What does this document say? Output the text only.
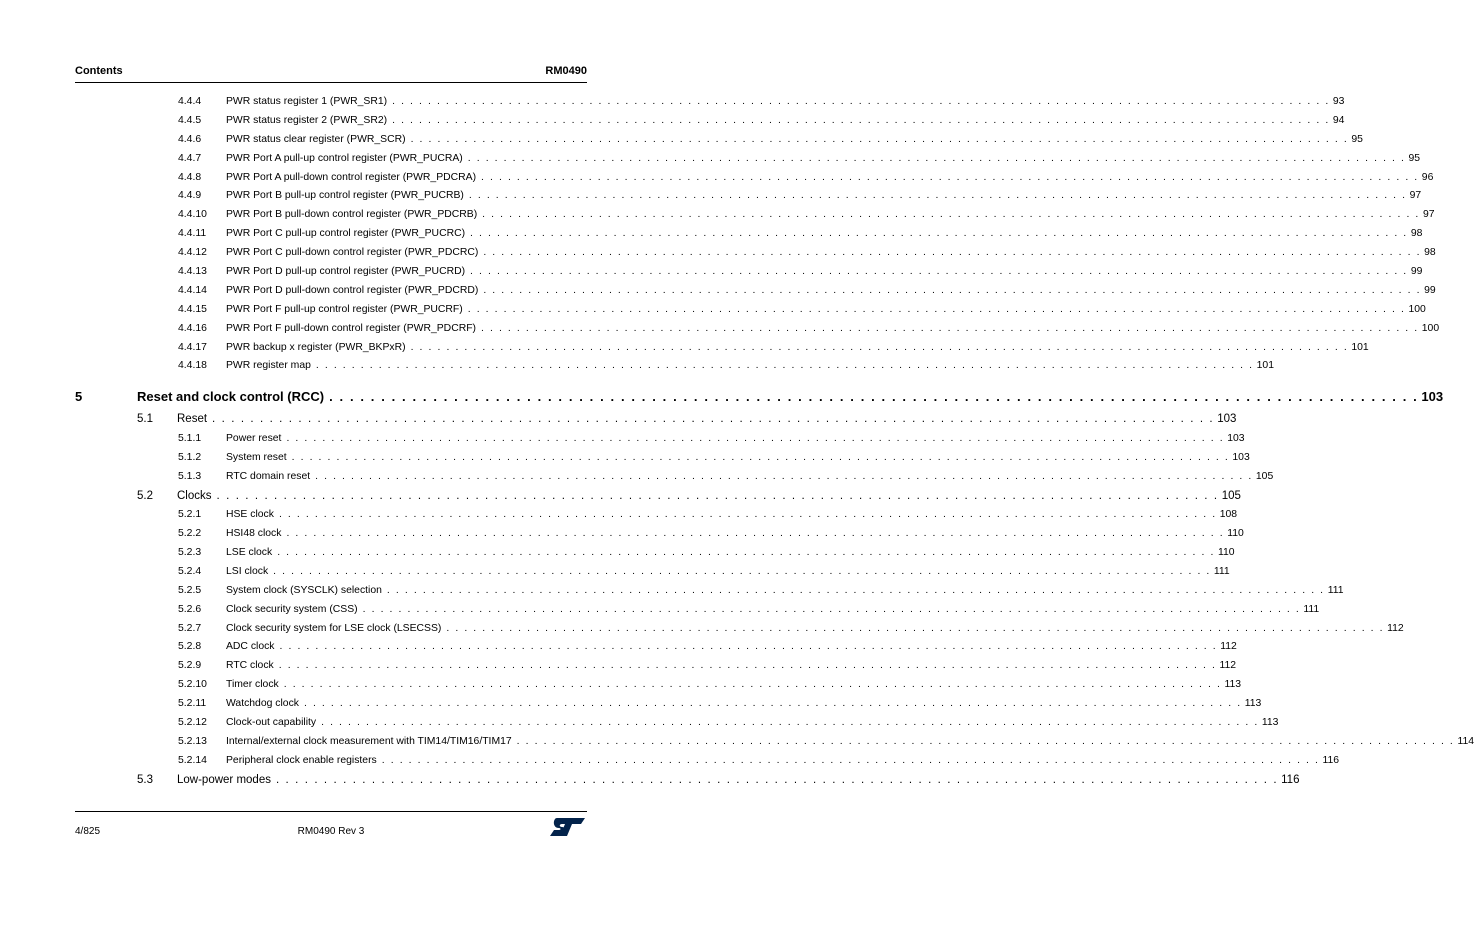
Contents	RM0490
4.4.4	PWR status register 1 (PWR_SR1) . . .	93
4.4.5	PWR status register 2 (PWR_SR2) . . .	94
4.4.6	PWR status clear register (PWR_SCR) . . .	95
4.4.7	PWR Port A pull-up control register (PWR_PUCRA) . . .	95
4.4.8	PWR Port A pull-down control register (PWR_PDCRA) . . .	96
4.4.9	PWR Port B pull-up control register (PWR_PUCRB) . . .	97
4.4.10	PWR Port B pull-down control register (PWR_PDCRB) . . .	97
4.4.11	PWR Port C pull-up control register (PWR_PUCRC) . . .	98
4.4.12	PWR Port C pull-down control register (PWR_PDCRC) . . .	98
4.4.13	PWR Port D pull-up control register (PWR_PUCRD) . . .	99
4.4.14	PWR Port D pull-down control register (PWR_PDCRD) . . .	99
4.4.15	PWR Port F pull-up control register (PWR_PUCRF) . . .	100
4.4.16	PWR Port F pull-down control register (PWR_PDCRF) . . .	100
4.4.17	PWR backup x register (PWR_BKPxR) . . .	101
4.4.18	PWR register map . . .	101
5	Reset and clock control (RCC) . . .	103
5.1	Reset . . .	103
5.1.1	Power reset . . .	103
5.1.2	System reset . . .	103
5.1.3	RTC domain reset . . .	105
5.2	Clocks . . .	105
5.2.1	HSE clock . . .	108
5.2.2	HSI48 clock . . .	110
5.2.3	LSE clock . . .	110
5.2.4	LSI clock . . .	111
5.2.5	System clock (SYSCLK) selection . . .	111
5.2.6	Clock security system (CSS) . . .	111
5.2.7	Clock security system for LSE clock (LSECSS) . . .	112
5.2.8	ADC clock . . .	112
5.2.9	RTC clock . . .	112
5.2.10	Timer clock . . .	113
5.2.11	Watchdog clock . . .	113
5.2.12	Clock-out capability . . .	113
5.2.13	Internal/external clock measurement with TIM14/TIM16/TIM17 . . .	114
5.2.14	Peripheral clock enable registers . . .	116
5.3	Low-power modes . . .	116
4/825	RM0490 Rev 3
